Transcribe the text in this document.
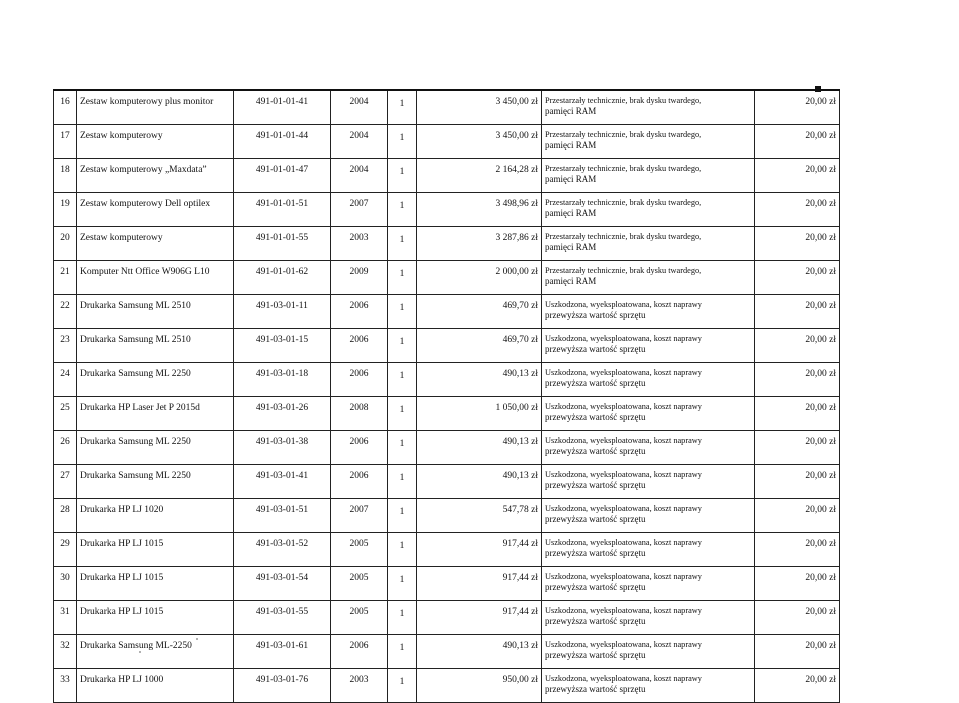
16	Zestaw komputerowy plus monitor	491-01-01-41	2004	1	3 450,00 zł	Przestarzały technicznie, brak dysku twardego,
pamięci RAM	20,00 zł
17	Zestaw komputerowy	491-01-01-44	2004	1	3 450,00 zł	Przestarzały technicznie, brak dysku twardego,
pamięci RAM	20,00 zł
18	Zestaw komputerowy „Maxdata”	491-01-01-47	2004	1	2 164,28 zł	Przestarzały technicznie, brak dysku twardego,
pamięci RAM	20,00 zł
19	Zestaw komputerowy Dell optilex	491-01-01-51	2007	1	3 498,96 zł	Przestarzały technicznie, brak dysku twardego,
pamięci RAM	20,00 zł
20	Zestaw komputerowy	491-01-01-55	2003	1	3 287,86 zł	Przestarzały technicznie, brak dysku twardego,
pamięci RAM	20,00 zł
21	Komputer Ntt Office W906G L10	491-01-01-62	2009	1	2 000,00 zł	Przestarzały technicznie, brak dysku twardego,
pamięci RAM	20,00 zł
22	Drukarka Samsung ML 2510	491-03-01-11	2006	1	469,70 zł	Uszkodzona, wyeksploatowana, koszt naprawy
przewyższa wartość sprzętu	20,00 zł
23	Drukarka Samsung ML 2510	491-03-01-15	2006	1	469,70 zł	Uszkodzona, wyeksploatowana, koszt naprawy
przewyższa wartość sprzętu	20,00 zł
24	Drukarka Samsung ML 2250	491-03-01-18	2006	1	490,13 zł	Uszkodzona, wyeksploatowana, koszt naprawy
przewyższa wartość sprzętu	20,00 zł
25	Drukarka HP Laser Jet P 2015d	491-03-01-26	2008	1	1 050,00 zł	Uszkodzona, wyeksploatowana, koszt naprawy
przewyższa wartość sprzętu	20,00 zł
26	Drukarka Samsung ML 2250	491-03-01-38	2006	1	490,13 zł	Uszkodzona, wyeksploatowana, koszt naprawy
przewyższa wartość sprzętu	20,00 zł
27	Drukarka Samsung ML 2250	491-03-01-41	2006	1	490,13 zł	Uszkodzona, wyeksploatowana, koszt naprawy
przewyższa wartość sprzętu	20,00 zł
28	Drukarka HP LJ 1020	491-03-01-51	2007	1	547,78 zł	Uszkodzona, wyeksploatowana, koszt naprawy
przewyższa wartość sprzętu	20,00 zł
29	Drukarka HP LJ 1015	491-03-01-52	2005	1	917,44 zł	Uszkodzona, wyeksploatowana, koszt naprawy
przewyższa wartość sprzętu	20,00 zł
30	Drukarka HP LJ 1015	491-03-01-54	2005	1	917,44 zł	Uszkodzona, wyeksploatowana, koszt naprawy
przewyższa wartość sprzętu	20,00 zł
31	Drukarka HP LJ 1015	491-03-01-55	2005	1	917,44 zł	Uszkodzona, wyeksploatowana, koszt naprawy
przewyższa wartość sprzętu	20,00 zł
32	Drukarka Samsung ML-2250	491-03-01-61	2006	1	490,13 zł	Uszkodzona, wyeksploatowana, koszt naprawy
przewyższa wartość sprzętu	20,00 zł
33	Drukarka HP LJ 1000	491-03-01-76	2003	1	950,00 zł	Uszkodzona, wyeksploatowana, koszt naprawy
przewyższa wartość sprzętu	20,00 zł
